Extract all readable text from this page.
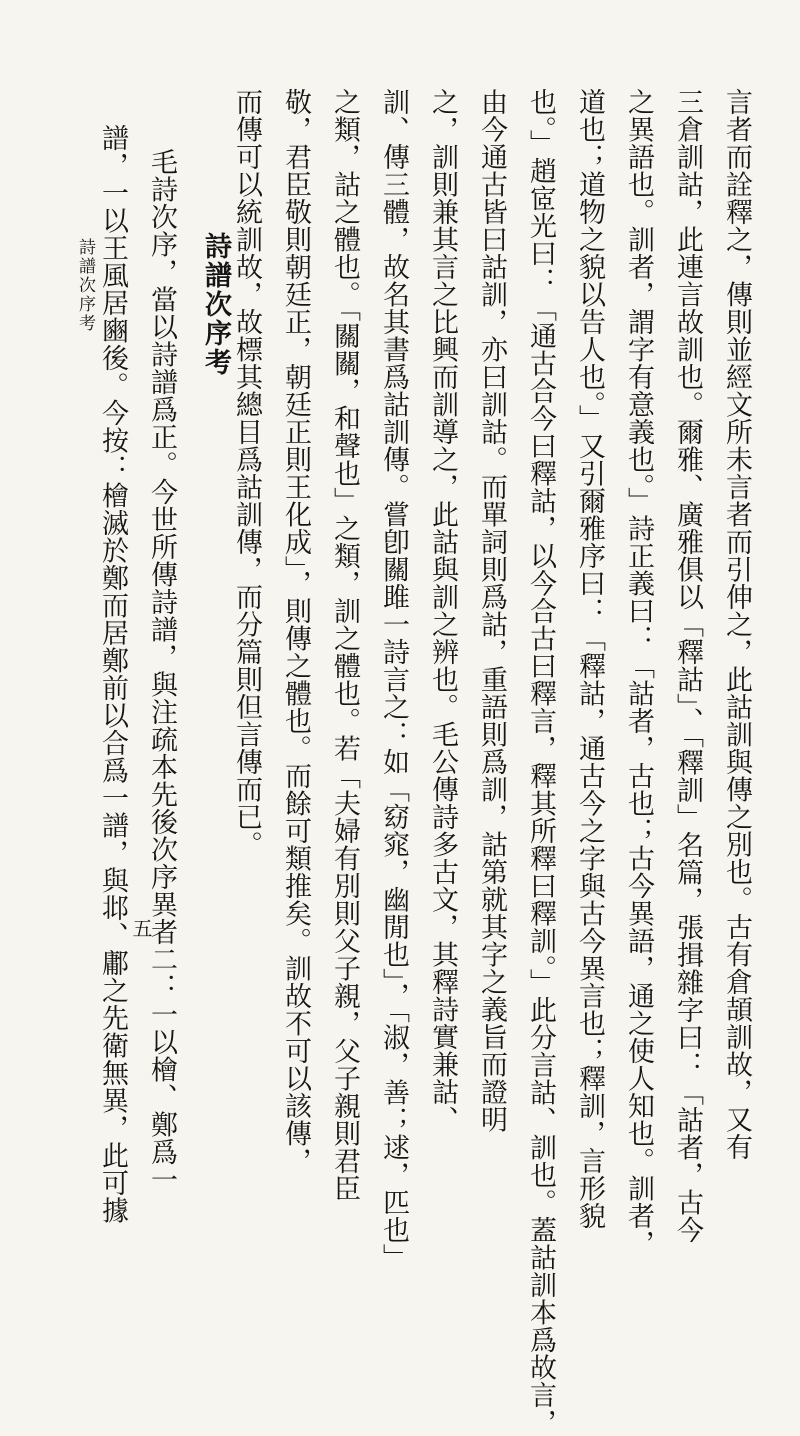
言者而詮釋之，傳則並經文所未言者而引伸之，此詁訓與傳之別也。古有倉頡訓故，又有
三倉訓詁，此連言故訓也。爾雅、廣雅俱以「釋詁」、「釋訓」名篇，張揖雜字曰：「詁者，古今
之異語也。訓者，謂字有意義也。」詩正義曰：「詁者，古也；古今異語，通之使人知也。訓者，
道也；道物之貌以告人也。」又引爾雅序曰：「釋詁，通古今之字與古今異言也；釋訓，言形貌
也。」趙宧光曰：「通古合今曰釋詁，以今合古曰釋言，釋其所釋曰釋訓。」此分言詁、訓也。蓋詁訓本爲故言，
由今通古皆曰詁訓，亦曰訓詁。而單詞則爲詁，重語則爲訓，詁第就其字之義旨而證明
之，訓則兼其言之比興而訓導之，此詁與訓之辨也。毛公傳詩多古文，其釋詩實兼詁、
訓、傳三體，故名其書爲詁訓傳。嘗卽關雎一詩言之：如「窈窕，幽閒也」，「淑，善；逑，匹也」
之類，詁之體也。「關關，和聲也」之類，訓之體也。若「夫婦有別則父子親，父子親則君臣
敬，君臣敬則朝廷正，朝廷正則王化成」，則傳之體也。而餘可類推矣。訓故不可以該傳，
而傳可以統訓故，故標其總目爲詁訓傳，而分篇則但言傳而已。
詩譜次序考
毛詩次序，當以詩譜爲正。今世所傳詩譜，與注疏本先後次序異者二：一以檜、鄭爲一
譜，一以王風居豳後。今按：檜滅於鄭而居鄭前以合爲一譜，與邶、鄘之先衛無異，此可據
詩譜次序考
五
